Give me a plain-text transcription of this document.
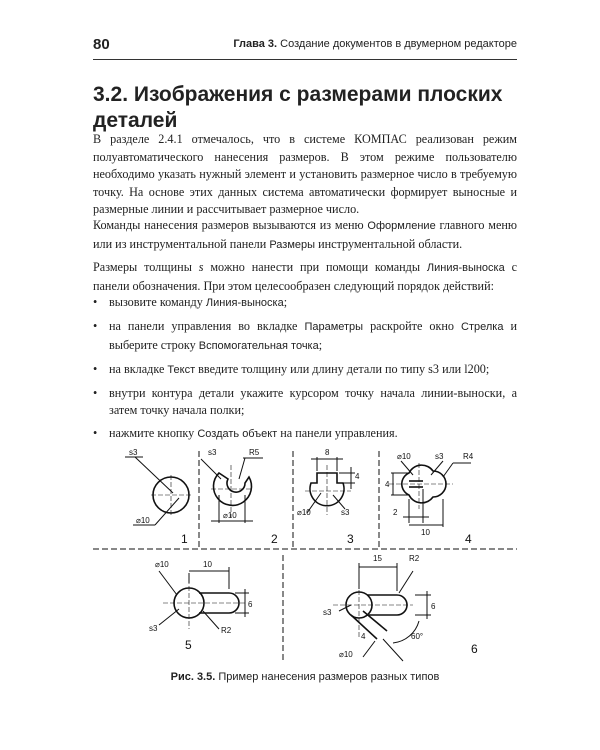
80	Глава 3. Создание документов в двумерном редакторе
3.2. Изображения с размерами плоских деталей

В разделе 2.4.1 отмечалось, что в системе КОМПАС реализован режим полуавтоматического нанесения размеров. В этом режиме пользователю необходимо указать нужный элемент и установить размерное число в требуемую точку. На основе этих данных система автоматически формирует выносные и размерные линии и рассчитывает размерное число.

Команды нанесения размеров вызываются из меню Оформление главного меню или из инструментальной панели Размеры инструментальной области.

Размеры толщины s можно нанести при помощи команды Линия-выноска с панели обозначения. При этом целесообразен следующий порядок действий:

• вызовите команду Линия-выноска;
• на панели управления во вкладке Параметры раскройте окно Стрелка и выберите строку Вспомогательная точка;
• на вкладке Текст введите толщину или длину детали по типу s3 или l200;
• внутри контура детали укажите курсором точку начала линии-выноски, а затем точку начала полки;
• нажмите кнопку Создать объект на панели управления.
s3
⌀10
1
s3	R5
⌀10
2
8
4
⌀10	s3
3
⌀10	s3 R4
4
2
10	4
⌀10	10
6
s3	R2
5
15	R2
6
s3
4	60°
⌀10	6
Рис. 3.5. Пример нанесения размеров разных типов
